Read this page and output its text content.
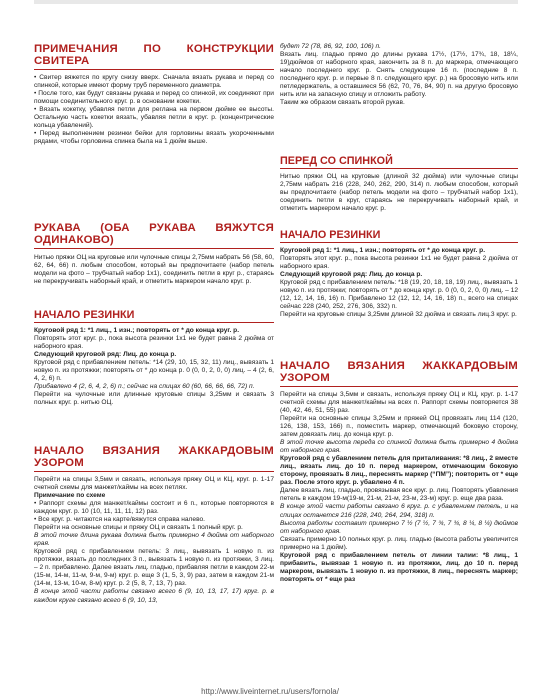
ПРИМЕЧАНИЯ ПО КОНСТРУКЦИИ СВИТЕРА

• Свитер вяжется по кругу снизу вверх. Сначала вязать рукава и перед со спинкой, которые имеют форму труб переменного диаметра.

• После того, как будут связаны рукава и перед со спинкой, их соединяют при помощи соединительного круг. р. в основании кокетки.

• Вязать кокетку, убавляя петли для реглана на первом дюйме ее высоты. Остальную часть кокетки вязать, убавляя петли в круг. р. (концентрические кольца убавлений).

• Перед выполнением резинки бейки для горловины вязать укороченными рядами, чтобы горловина спинка была на 1 дюйм выше.

РУКАВА (ОБА РУКАВА ВЯЖУТСЯ ОДИНАКОВО)

Нитью пряжи ОЦ на круговые или чулочные спицы 2,75мм набрать 56 (58, 60, 62, 64, 66) п. любым способом, который вы предпочитаете (набор петель модели на фото – трубчатый набор 1x1), соединить петли в круг р., стараясь не перекручивать наборный край, и отметить маркером начало круг. р.

НАЧАЛО РЕЗИНКИ

Круговой ряд 1: *1 лиц., 1 изн.; повторять от * до конца круг. р.

Повторять этот круг. р., пока высота резинки 1x1 не будет равна 2 дюйма от наборного края.

Следующий круговой ряд: Лиц. до конца р.

Круговой ряд с прибавлением петель: *14 (29, 10, 15, 32, 11) лиц., вывязать 1 новую п. из протяжки; повторять от * до конца р. 0 (0, 0, 2, 0, 0) лиц. – 4 (2, 6, 4, 2, 6) п.

Прибавлено 4 (2, 6, 4, 2, 6) п.; сейчас на спицах 60 (60, 66, 66, 66, 72) п.

Перейти на чулочные или длинные круговые спицы 3,25мм и связать 3 полных круг. р. нитью ОЦ.

НАЧАЛО ВЯЗАНИЯ ЖАККАРДОВЫМ УЗОРОМ

Перейти на спицы 3,5мм и связать, используя пряжу ОЦ и КЦ, круг. р. 1-17 счетной схемы для манжет/каймы на всех петлях.

Примечание по схеме

• Раппорт схемы для манжет/каймы состоит и 6 п., которые повторяются в каждом круг. р. 10 (10, 11, 11, 11, 12) раз.

• Все круг. р. читаются на карте/вяжутся справа налево.

Перейти на основные спицы и пряжу ОЦ и связать 1 полный круг. р.

В этой точке длина рукава должна быть примерно 4 дюйма от наборного края.

Круговой ряд с прибавлением петель: 3 лиц., вывязать 1 новую п. из протяжки, вязать до последних 3 п., вывязать 1 новую п. из протяжки, 3 лиц. – 2 п. прибавлено. Далее вязать лиц. гладью, прибавляя петли в каждом 22-м (15-м, 14-м, 11-м, 9-м, 9-м) круг. р. еще 3 (1, 5, 3, 9) раз, затем в каждом 21-м (14-м, 13-м, 10-м, 8-м) круг. р. 2 (5, 8, 7, 13, 7) раз.

В конце этой части работы связано всего 6 (9, 10, 13, 17, 17) круг. р. в каждом круге связано всего 6 (9, 10, 13,

будет 72 (78, 86, 92, 100, 106) п.

Вязать лиц. гладью прямо до длины рукава 17½, (17½, 17¾, 18, 18¼, 19)дюймов от наборного края, закончить за 8 п. до маркера, отмечающего начало последнего круг. р. Снять следующие 16 п. (последние 8 п. последнего круг. р. и первые 8 п. следующего круг. р.) на бросовую нить или петледержатель, а оставшиеся 56 (62, 70, 76, 84, 90) п. на другую бросовую нить или на запасную спицу и отложить работу.

Таким же образом связать второй рукав.

ПЕРЕД СО СПИНКОЙ

Нитью пряжи ОЦ на круговые (длиной 32 дюйма) или чулочные спицы 2,75мм набрать 216 (228, 240, 262, 290, 314) п. любым способом, который вы предпочитаете (набор петель модели на фото – трубчатый набор 1x1), соединить петли в круг, стараясь не перекручивать наборный край, и отметить маркером начало круг. р.

НАЧАЛО РЕЗИНКИ

Круговой ряд 1: *1 лиц., 1 изн.; повторять от * до конца круг. р.

Повторять этот круг. р., пока высота резинки 1x1 не будет равна 2 дюйма от наборного края.

Следующий круговой ряд: Лиц. до конца р.

Круговой ряд с прибавлением петель: *18 (19, 20, 18, 18, 19) лиц., вывязать 1 новую п. из протяжки; повторять от * до конца круг. р. 0 (0, 0, 2, 0, 0) лиц. – 12 (12, 12, 14, 16, 16) п. Прибавлено 12 (12, 12, 14, 16, 18) п., всего на спицах сейчас 228 (240, 252, 276, 306, 332) п.

Перейти на круговые спицы 3,25мм длиной 32 дюйма и связать лиц.3 круг. р.

НАЧАЛО ВЯЗАНИЯ ЖАККАРДОВЫМ УЗОРОМ

Перейти на спицы 3,5мм и связать, используя пряжу ОЦ и КЦ, круг. р. 1-17 счетной схемы для манжет/каймы на всех п. Раппорт схемы повторяется 38 (40, 42, 46, 51, 55) раз.

Перейти на основные спицы 3,25мм и пряжей ОЦ провязать лиц 114 (120, 126, 138, 153, 166) п., поместить маркер, отмечающий боковую сторону, затем довязать лиц. до конца круг. р.

В этой точке высота переда со спинкой должна быть примерно 4 дюйма от наборного края.

Круговой ряд с убавлением петель для приталивания: *8 лиц., 2 вместе лиц., вязать лиц. до 10 п. перед маркером, отмечающим боковую сторону, провязать 8 лиц., переснять маркер (“ПМ”); повторить от * еще раз. После этого круг. р. убавлено 4 п.

Далее вязать лиц. гладью, провязывая все круг. р. лиц. Повторять убавления петель в каждом 19-м(19-м, 21-м, 21-м, 23-м, 23-м) круг. р. еще два раза.

В конце этой части работы связано 6 круг. р. с убавлением петель, и на спицах останется 216 (228, 240, 264, 294, 318) п.

Высота работы составит примерно 7 ½ (7 ½, 7 ¾, 7 ¾, 8 ¼, 8 ¼) дюймов от наборного края.

Связать примерно 10 полных круг. р. лиц. гладью (высота работы увеличится примерно на 1 дюйм).

Круговой ряд с прибавлением петель от линии талии: *8 лиц., 1 прибавить, вывязав 1 новую п. из протяжки, лиц. до 10 п. перед маркером, вывязать 1 новую п. из протяжки, 8 лиц., переснять маркер; повторять от * еще раз

http://www.liveinternet.ru/users/fornola/
